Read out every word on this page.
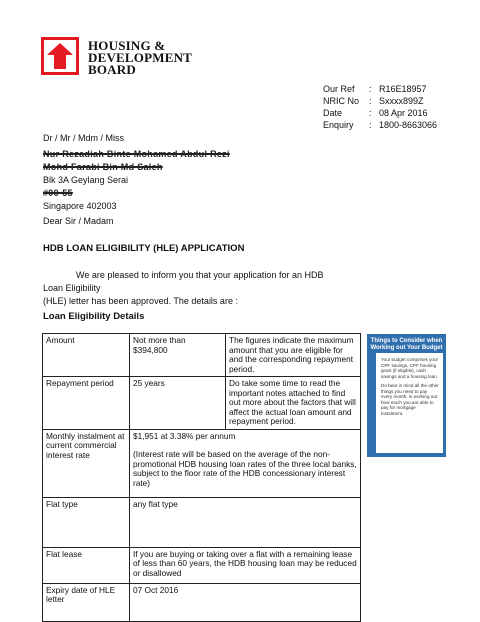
HOUSING &
DEVELOPMENT
BOARD
Our Ref	: R16E18957
NRIC No	: Sxxxx899Z
Date	: 08 Apr 2016
Enquiry	: 1800-8663066
Dr / Mr / Mdm / Miss
Nur Rezadiah Binte Mohamed Abdul Rezi
Mohd Farabi Bin Md Saleh
Blk 3A Geylang Serai
#00-55
Singapore 402003
Dear Sir / Madam
HDB LOAN ELIGIBILITY (HLE) APPLICATION
We are pleased to inform you that your application for an HDB Loan Eligibility
(HLE) letter has been approved. The details are :
Loan Eligibility Details
Amount	Not more than $394,800	The figures indicate the maximum amount that you are eligible for and the corresponding repayment period.
Repayment period	25 years	Do take some time to read the important notes attached to find out more about the factors that will affect the actual loan amount and repayment period.
Monthly instalment at current commercial interest rate	$1,951 at 3.38% per annum
(Interest rate will be based on the average of the non-promotional HDB housing loan rates of the three local banks, subject to the floor rate of the HDB concessionary interest rate)	

Flat type	any flat type	
Flat lease	If you are buying or taking over a flat with a remaining lease of less than 60 years, the HDB housing loan may be reduced or disallowed	
Expiry date of HLE letter	07 Oct 2016	
Things to Consider when Working out Your Budget

Your budget comprises your CPF savings, CPF housing grant (if eligible), cash savings and a housing loan.

Do bear in mind all the other things you need to pay every month, in working out how much you are able to pay for mortgage instalment.
